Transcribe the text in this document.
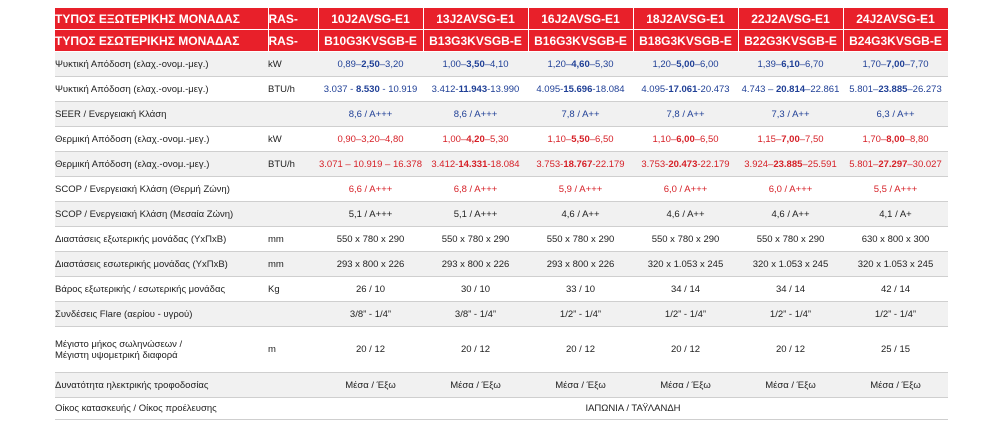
ΤΥΠΟΣ ΕΞΩΤΕΡΙΚΗΣ ΜΟΝΑΔΑΣ	RAS-	10J2AVSG-E1	13J2AVSG-E1	16J2AVSG-E1	18J2AVSG-E1	22J2AVSG-E1	24J2AVSG-E1
ΤΥΠΟΣ ΕΣΩΤΕΡΙΚΗΣ ΜΟΝΑΔΑΣ	RAS-	B10G3KVSGB-E	B13G3KVSGB-E	B16G3KVSGB-E	B18G3KVSGB-E	B22G3KVSGB-E	B24G3KVSGB-E
Ψυκτική Απόδοση (ελαχ.-ονομ.-μεγ.)	kW	0,89–2,50–3,20	1,00–3,50–4,10	1,20–4,60–5,30	1,20–5,00–6,00	1,39–6,10–6,70	1,70–7,00–7,70
Ψυκτική Απόδοση (ελαχ.-ονομ.-μεγ.)	BTU/h	3.037 - 8.530 - 10.919	3.412-11.943-13.990	4.095-15.696-18.084	4.095-17.061-20.473	4.743 – 20.814–22.861	5.801–23.885–26.273
SEER / Ενεργειακή Κλάση		8,6 / Α+++	8,6 / Α+++	7,8 / Α++	7,8 / Α++	7,3 / Α++	6,3 / Α++
Θερμική Απόδοση (ελαχ.-ονομ.-μεγ.)	kW	0,90–3,20–4,80	1,00–4,20–5,30	1,10–5,50–6,50	1,10–6,00–6,50	1,15–7,00–7,50	1,70–8,00–8,80
Θερμική Απόδοση (ελαχ.-ονομ.-μεγ.)	BTU/h	3.071 – 10.919 – 16.378	3.412-14.331-18.084	3.753-18.767-22.179	3.753-20.473-22.179	3.924–23.885–25.591	5.801–27.297–30.027
SCOP / Ενεργειακή Κλάση (Θερμή Ζώνη)		6,6 / Α+++	6,8 / Α+++	5,9 / Α+++	6,0 / Α+++	6,0 / Α+++	5,5 / Α+++
SCOP / Ενεργειακή Κλάση (Μεσαία Ζώνη)		5,1 / Α+++	5,1 / Α+++	4,6 / Α++	4,6 / Α++	4,6 / Α++	4,1 / Α+
Διαστάσεις εξωτερικής μονάδας (ΥxΠxΒ)	mm	550 x 780 x 290	550 x 780 x 290	550 x 780 x 290	550 x 780 x 290	550 x 780 x 290	630 x 800 x 300
Διαστάσεις εσωτερικής μονάδας (ΥxΠxΒ)	mm	293 x 800 x 226	293 x 800 x 226	293 x 800 x 226	320 x 1.053 x 245	320 x 1.053 x 245	320 x 1.053 x 245
Βάρος εξωτερικής / εσωτερικής μονάδας	Kg	26 / 10	30 / 10	33 / 10	34 / 14	34 / 14	42 / 14
Συνδέσεις Flare (αερίου - υγρού)		3/8” - 1/4”	3/8” - 1/4”	1/2” - 1/4”	1/2” - 1/4”	1/2” - 1/4”	1/2” - 1/4”
Μέγιστο μήκος σωληνώσεων /
Μέγιστη υψομετρική διαφορά	m	20 / 12	20 / 12	20 / 12	20 / 12	20 / 12	25 / 15
Δυνατότητα ηλεκτρικής τροφοδοσίας		Μέσα / Έξω	Μέσα / Έξω	Μέσα / Έξω	Μέσα / Έξω	Μέσα / Έξω	Μέσα / Έξω
Οίκος κατασκευής / Οίκος προέλευσης		ΙΑΠΩΝΙΑ / ΤΑΫΛΑΝΔΗ					
